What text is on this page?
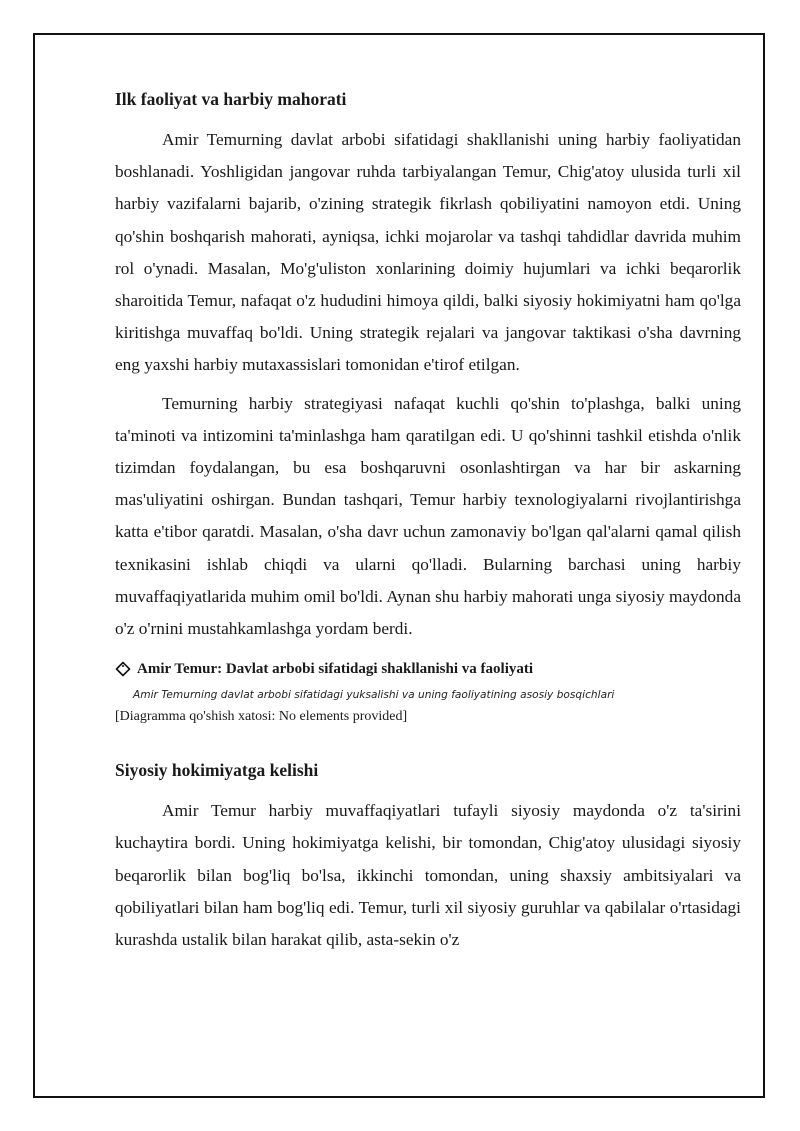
Ilk faoliyat va harbiy mahorati

Amir Temurning davlat arbobi sifatidagi shakllanishi uning harbiy faoliyatidan boshlanadi. Yoshligidan jangovar ruhda tarbiyalangan Temur, Chig'atoy ulusida turli xil harbiy vazifalarni bajarib, o'zining strategik fikrlash qobiliyatini namoyon etdi. Uning qo'shin boshqarish mahorati, ayniqsa, ichki mojarolar va tashqi tahdidlar davrida muhim rol o'ynadi. Masalan, Mo'g'uliston xonlarining doimiy hujumlari va ichki beqarorlik sharoitida Temur, nafaqat o'z hududini himoya qildi, balki siyosiy hokimiyatni ham qo'lga kiritishga muvaffaq bo'ldi. Uning strategik rejalari va jangovar taktikasi o'sha davrning eng yaxshi harbiy mutaxassislari tomonidan e'tirof etilgan.

Temurning harbiy strategiyasi nafaqat kuchli qo'shin to'plashga, balki uning ta'minoti va intizomini ta'minlashga ham qaratilgan edi. U qo'shinni tashkil etishda o'nlik tizimdan foydalangan, bu esa boshqaruvni osonlashtirgan va har bir askarning mas'uliyatini oshirgan. Bundan tashqari, Temur harbiy texnologiyalarni rivojlantirishga katta e'tibor qaratdi. Masalan, o'sha davr uchun zamonaviy bo'lgan qal'alarni qamal qilish texnikasini ishlab chiqdi va ularni qo'lladi. Bularning barchasi uning harbiy muvaffaqiyatlarida muhim omil bo'ldi. Aynan shu harbiy mahorati unga siyosiy maydonda o'z o'rnini mustahkamlashga yordam berdi.

Amir Temur: Davlat arbobi sifatidagi shakllanishi va faoliyati
Amir Temurning davlat arbobi sifatidagi yuksalishi va uning faoliyatining asosiy bosqichlari
[Diagramma qo'shish xatosi: No elements provided]
Siyosiy hokimiyatga kelishi

Amir Temur harbiy muvaffaqiyatlari tufayli siyosiy maydonda o'z ta'sirini kuchaytira bordi. Uning hokimiyatga kelishi, bir tomondan, Chig'atoy ulusidagi siyosiy beqarorlik bilan bog'liq bo'lsa, ikkinchi tomondan, uning shaxsiy ambitsiyalari va qobiliyatlari bilan ham bog'liq edi. Temur, turli xil siyosiy guruhlar va qabilalar o'rtasidagi kurashda ustalik bilan harakat qilib, asta-sekin o'z
